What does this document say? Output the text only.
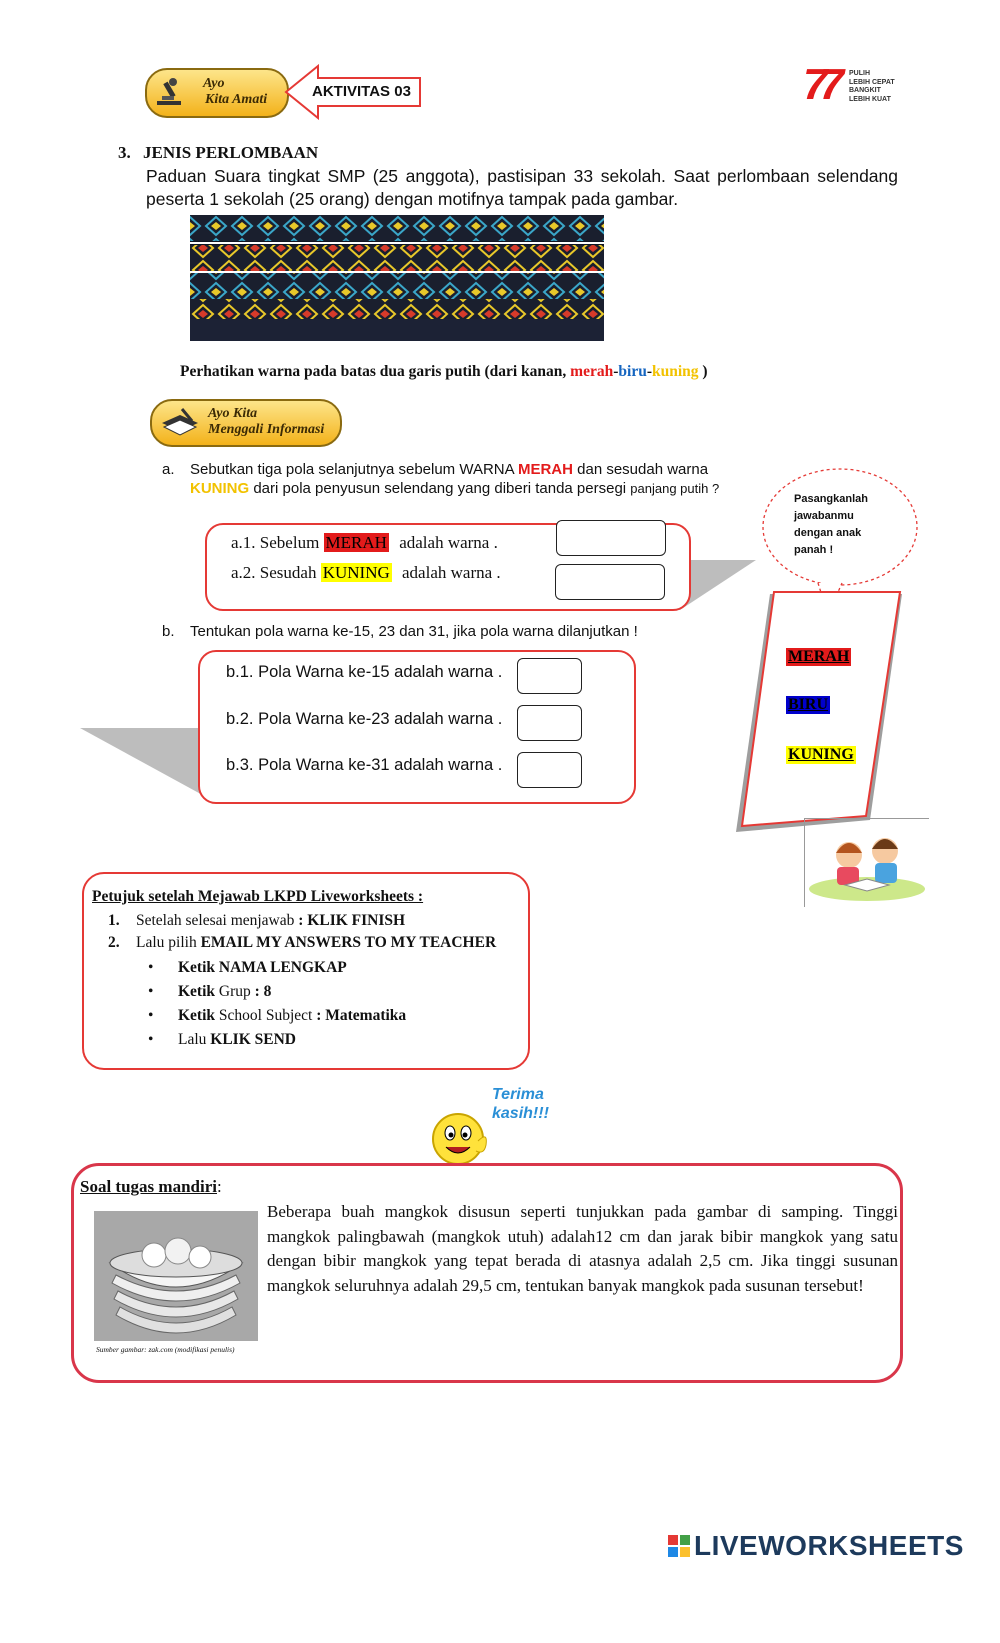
Ayo
Kita Amati	AKTIVITAS 03	77 PULIH
LEBIH CEPAT
BANGKIT
LEBIH KUAT
3. JENIS PERLOMBAAN
Paduan Suara tingkat SMP (25 anggota), pastisipan 33 sekolah. Saat perlombaan selendang peserta 1 sekolah (25 orang) dengan motifnya tampak pada gambar.
Perhatikan warna pada batas dua garis putih (dari kanan, merah-biru-kuning )
Ayo Kita
Menggali Informasi
a.	Sebutkan tiga pola selanjutnya sebelum WARNA MERAH dan sesudah warna
KUNING dari pola penyusun selendang yang diberi tanda persegi panjang putih ?
a.1. Sebelum MERAH adalah warna .
a.2. Sesudah KUNING adalah warna .
Pasangkanlah
jawabanmu
dengan anak
panah !
MERAH
BIRU
KUNING
b. Tentukan pola warna ke-15, 23 dan 31, jika pola warna dilanjutkan !
b.1. Pola Warna ke-15 adalah warna .
b.2. Pola Warna ke-23 adalah warna .
b.3. Pola Warna ke-31 adalah warna .
Petujuk setelah Mejawab LKPD Liveworksheets :
1. Setelah selesai menjawab : KLIK FINISH
2. Lalu pilih EMAIL MY ANSWERS TO MY TEACHER
• Ketik NAMA LENGKAP
• Ketik Grup : 8
• Ketik School Subject : Matematika
• Lalu KLIK SEND
Terima
kasih!!!
Soal tugas mandiri:
Sumber gambar: zak.com (modifikasi penulis)
Beberapa buah mangkok disusun seperti tunjukkan pada gambar di samping. Tinggi mangkok palingbawah (mangkok utuh) adalah12 cm dan jarak bibir mangkok yang satu dengan bibir mangkok yang tepat berada di atasnya adalah 2,5 cm. Jika tinggi susunan mangkok seluruhnya adalah 29,5 cm, tentukan banyak mangkok pada susunan tersebut!
LIVEWORKSHEETS
